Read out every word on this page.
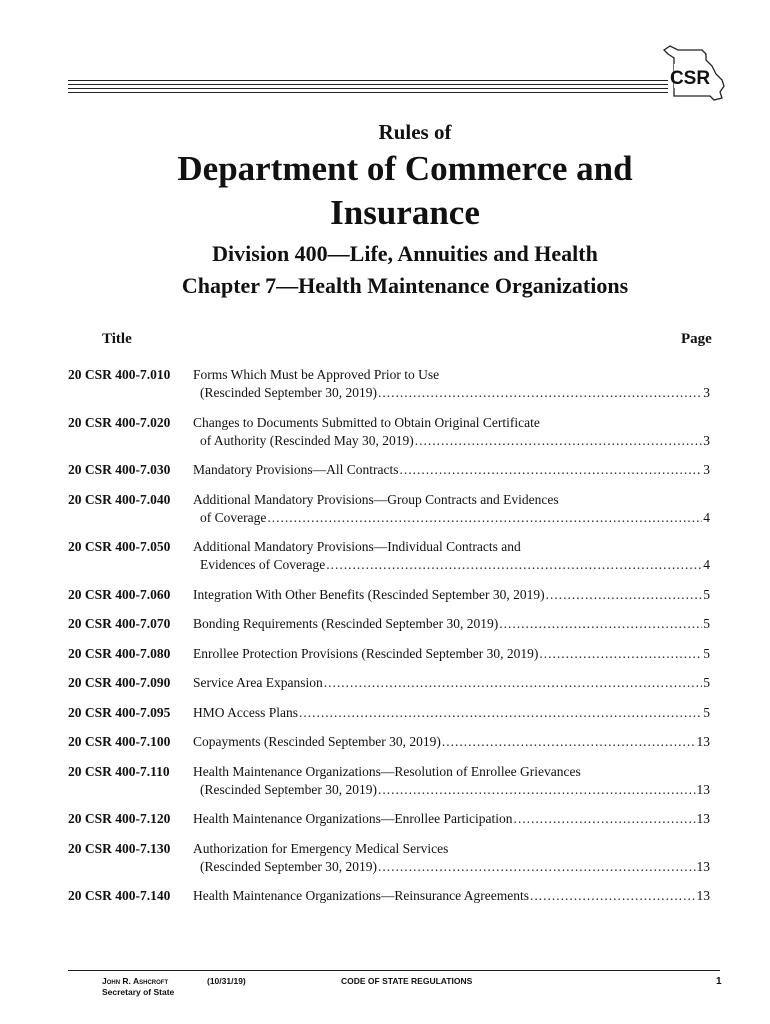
CSR
Rules of
Department of Commerce and
Insurance
Division 400—Life, Annuities and Health
Chapter 7—Health Maintenance Organizations
Title	Page
20 CSR 400-7.010 Forms Which Must be Approved Prior to Use
(Rescinded September 30, 2019) .....	3
20 CSR 400-7.020 Changes to Documents Submitted to Obtain Original Certificate
of Authority (Rescinded May 30, 2019) .....	3
20 CSR 400-7.030 Mandatory Provisions—All Contracts .....	3
20 CSR 400-7.040 Additional Mandatory Provisions—Group Contracts and Evidences
of Coverage .....	4
20 CSR 400-7.050 Additional Mandatory Provisions—Individual Contracts and
Evidences of Coverage .....	4
20 CSR 400-7.060 Integration With Other Benefits (Rescinded September 30, 2019) .....	5
20 CSR 400-7.070 Bonding Requirements (Rescinded September 30, 2019) .....	5
20 CSR 400-7.080 Enrollee Protection Provisions (Rescinded September 30, 2019) .....	5
20 CSR 400-7.090 Service Area Expansion .....	5
20 CSR 400-7.095 HMO Access Plans .....	5
20 CSR 400-7.100 Copayments (Rescinded September 30, 2019) .....	13
20 CSR 400-7.110 Health Maintenance Organizations—Resolution of Enrollee Grievances
(Rescinded September 30, 2019) .....	13
20 CSR 400-7.120 Health Maintenance Organizations—Enrollee Participation .....	13
20 CSR 400-7.130 Authorization for Emergency Medical Services
(Rescinded September 30, 2019) .....	13
20 CSR 400-7.140 Health Maintenance Organizations—Reinsurance Agreements .....	13
John R. Ashcroft
Secretary of State
(10/31/19)	CODE OF STATE REGULATIONS	1
